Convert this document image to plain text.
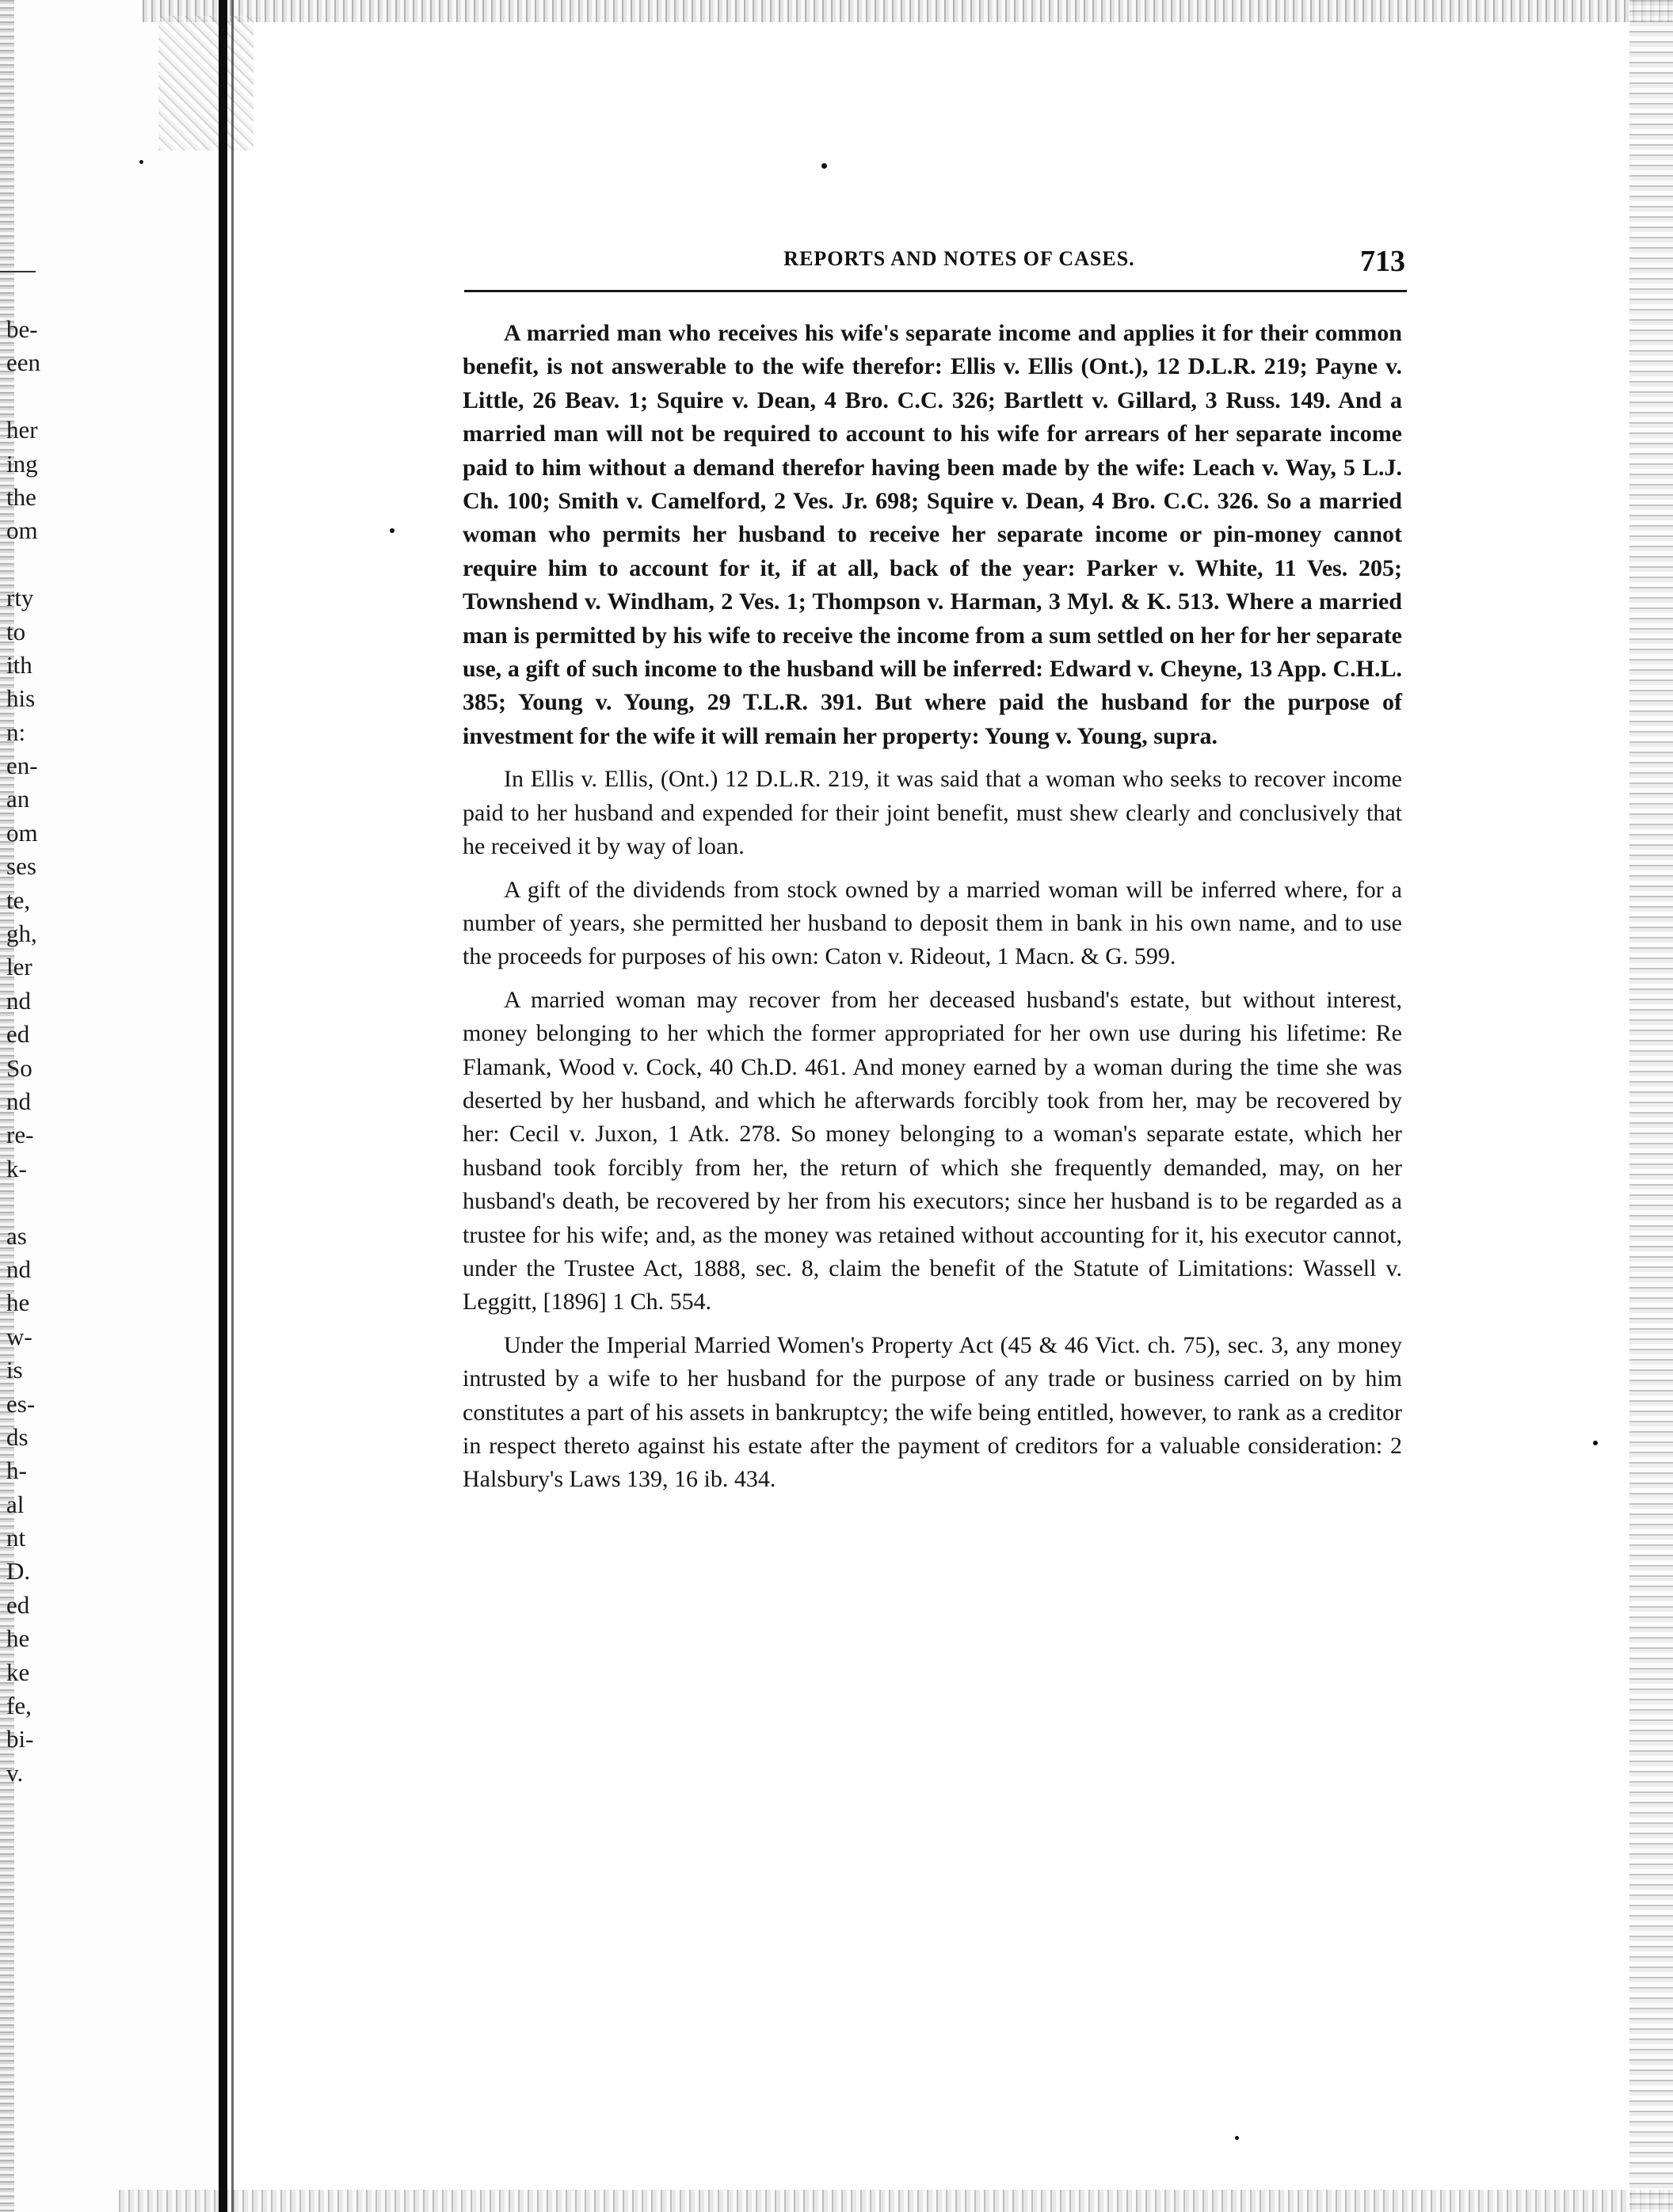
be-
een
her
ing
the
om
rty
to
ith
his
n:
en-
an
om
ses
te,
gh,
ler
nd
ed
So
nd
re-
k-
as
nd
he
w-
is
es-
ds
h-
al
nt
D.
ed
he
ke
fe,
bi-
v.
REPORTS AND NOTES OF CASES.	713

A married man who receives his wife's separate income and applies it for their common benefit, is not answerable to the wife therefor: Ellis v. Ellis (Ont.), 12 D.L.R. 219; Payne v. Little, 26 Beav. 1; Squire v. Dean, 4 Bro. C.C. 326; Bartlett v. Gillard, 3 Russ. 149. And a married man will not be required to account to his wife for arrears of her separate income paid to him without a demand therefor having been made by the wife: Leach v. Way, 5 L.J. Ch. 100; Smith v. Camelford, 2 Ves. Jr. 698; Squire v. Dean, 4 Bro. C.C. 326. So a married woman who permits her husband to receive her separate income or pin-money cannot require him to account for it, if at all, back of the year: Parker v. White, 11 Ves. 205; Townshend v. Windham, 2 Ves. 1; Thompson v. Harman, 3 Myl. & K. 513. Where a married man is permitted by his wife to receive the income from a sum settled on her for her separate use, a gift of such income to the husband will be inferred: Edward v. Cheyne, 13 App. C.H.L. 385; Young v. Young, 29 T.L.R. 391. But where paid the husband for the purpose of investment for the wife it will remain her property: Young v. Young, supra.

In Ellis v. Ellis, (Ont.) 12 D.L.R. 219, it was said that a woman who seeks to recover income paid to her husband and expended for their joint benefit, must shew clearly and conclusively that he received it by way of loan.

A gift of the dividends from stock owned by a married woman will be inferred where, for a number of years, she permitted her husband to deposit them in bank in his own name, and to use the proceeds for purposes of his own: Caton v. Rideout, 1 Macn. & G. 599.

A married woman may recover from her deceased husband's estate, but without interest, money belonging to her which the former appropriated for her own use during his lifetime: Re Flamank, Wood v. Cock, 40 Ch.D. 461. And money earned by a woman during the time she was deserted by her husband, and which he afterwards forcibly took from her, may be recovered by her: Cecil v. Juxon, 1 Atk. 278. So money belonging to a woman's separate estate, which her husband took forcibly from her, the return of which she frequently demanded, may, on her husband's death, be recovered by her from his executors; since her husband is to be regarded as a trustee for his wife; and, as the money was retained without accounting for it, his executor cannot, under the Trustee Act, 1888, sec. 8, claim the benefit of the Statute of Limitations: Wassell v. Leggitt, [1896] 1 Ch. 554.

Under the Imperial Married Women's Property Act (45 & 46 Vict. ch. 75), sec. 3, any money intrusted by a wife to her husband for the purpose of any trade or business carried on by him constitutes a part of his assets in bankruptcy; the wife being entitled, however, to rank as a creditor in respect thereto against his estate after the payment of creditors for a valuable consideration: 2 Halsbury's Laws 139, 16 ib. 434.
